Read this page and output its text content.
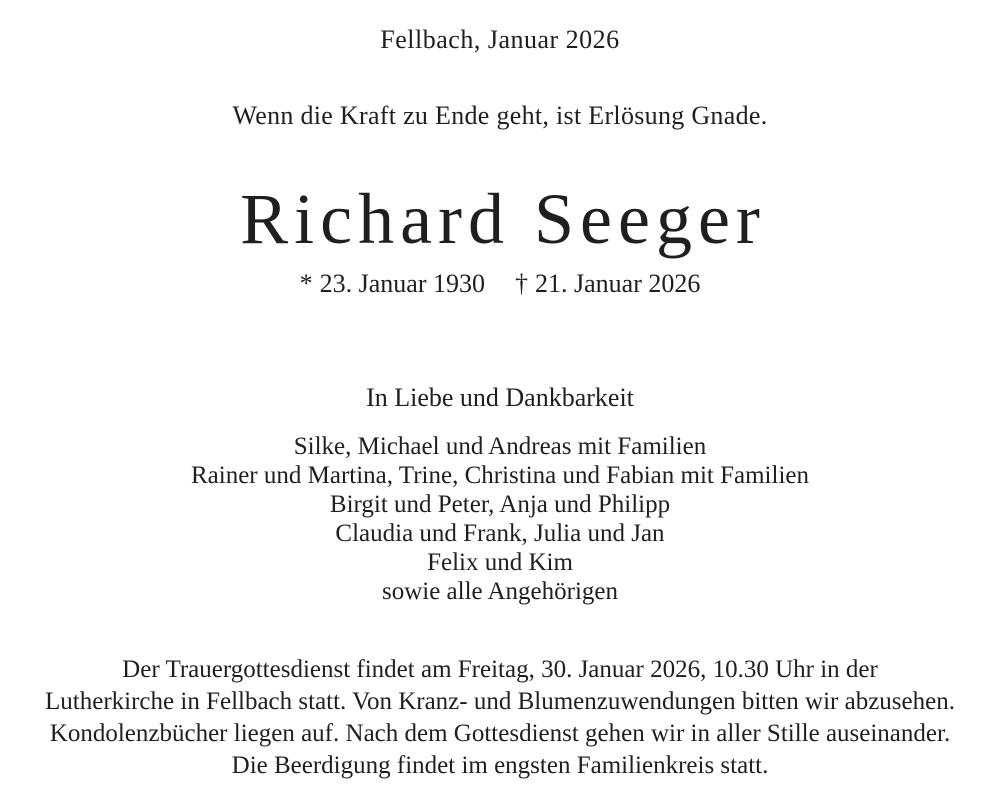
Fellbach, Januar 2026
Wenn die Kraft zu Ende geht, ist Erlösung Gnade.
Richard Seeger
* 23. Januar 1930 † 21. Januar 2026
In Liebe und Dankbarkeit
Silke, Michael und Andreas mit Familien
Rainer und Martina, Trine, Christina und Fabian mit Familien
Birgit und Peter, Anja und Philipp
Claudia und Frank, Julia und Jan
Felix und Kim
sowie alle Angehörigen
Der Trauergottesdienst findet am Freitag, 30. Januar 2026, 10.30 Uhr in der
Lutherkirche in Fellbach statt. Von Kranz- und Blumenzuwendungen bitten wir abzusehen.
Kondolenzbücher liegen auf. Nach dem Gottesdienst gehen wir in aller Stille auseinander.
Die Beerdigung findet im engsten Familienkreis statt.
